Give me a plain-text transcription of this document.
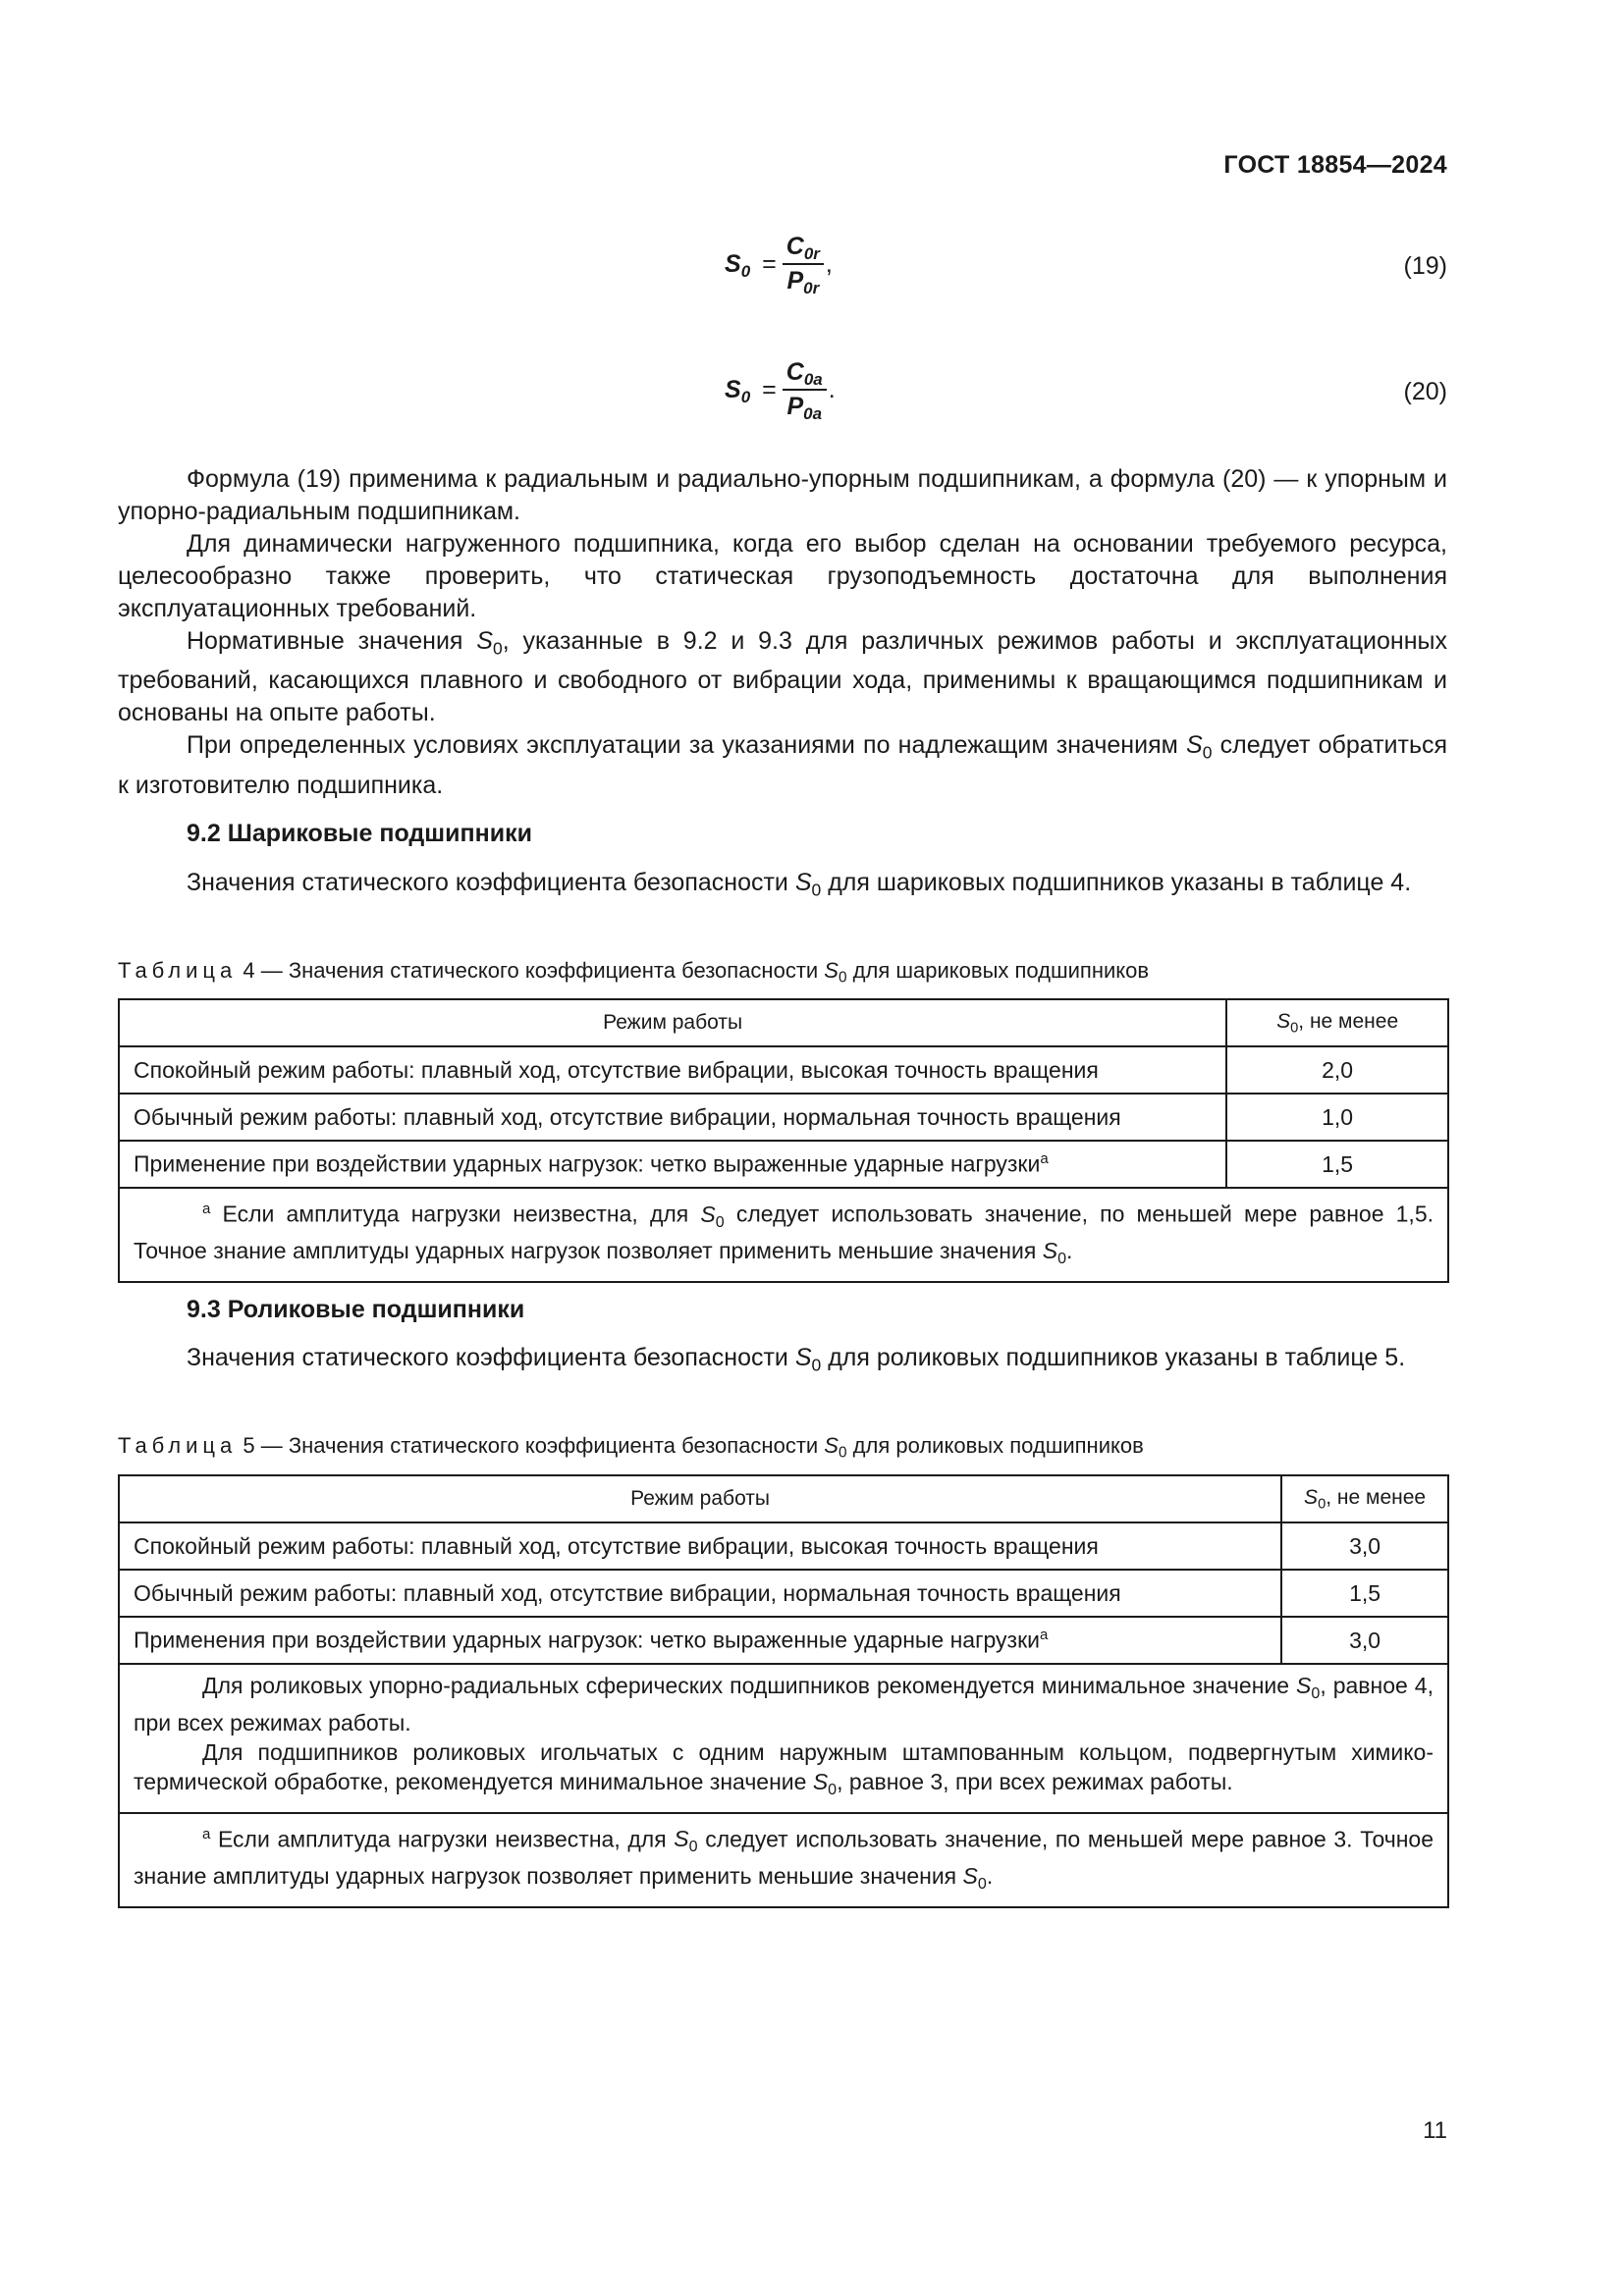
ГОСТ 18854—2024
$S_0 = \frac{C_{0r}}{P_{0r}}$ ,	(19)
$S_0 = \frac{C_{0a}}{P_{0a}}$ .	(20)

Формула (19) применима к радиальным и радиально-упорным подшипникам, а формула (20) — к упорным и упорно-радиальным подшипникам.

Для динамически нагруженного подшипника, когда его выбор сделан на основании требуемого ресурса, целесообразно также проверить, что статическая грузоподъемность достаточна для выполнения эксплуатационных требований.

Нормативные значения $S_0$, указанные в 9.2 и 9.3 для различных режимов работы и эксплуатационных требований, касающихся плавного и свободного от вибрации хода, применимы к вращающимся подшипникам и основаны на опыте работы.

При определенных условиях эксплуатации за указаниями по надлежащим значениям $S_0$ следует обратиться к изготовителю подшипника.

9.2 Шариковые подшипники

Значения статического коэффициента безопасности $S_0$ для шариковых подшипников указаны в таблице 4.

Таблица 4 — Значения статического коэффициента безопасности $S_0$ для шариковых подшипников
Режим работы	$S_0$, не менее
Спокойный режим работы: плавный ход, отсутствие вибрации, высокая точность вращения	2,0
Обычный режим работы: плавный ход, отсутствие вибрации, нормальная точность вращения	1,0
Применение при воздействии ударных нагрузок: четко выраженные ударные нагрузки$^а$	1,5

$^а$ Если амплитуда нагрузки неизвестна, для $S_0$ следует использовать значение, по меньшей мере равное 1,5. Точное знание амплитуды ударных нагрузок позволяет применить меньшие значения $S_0$.	

9.3 Роликовые подшипники

Значения статического коэффициента безопасности $S_0$ для роликовых подшипников указаны в таблице 5.

Таблица 5 — Значения статического коэффициента безопасности $S_0$ для роликовых подшипников
Режим работы	$S_0$, не менее
Спокойный режим работы: плавный ход, отсутствие вибрации, высокая точность вращения	3,0
Обычный режим работы: плавный ход, отсутствие вибрации, нормальная точность вращения	1,5
Применения при воздействии ударных нагрузок: четко выраженные ударные нагрузки$^а$	3,0

Для роликовых упорно-радиальных сферических подшипников рекомендуется минимальное значение $S_0$, равное 4, при всех режимах работы.

Для подшипников роликовых игольчатых с одним наружным штампованным кольцом, подвергнутым химико-термической обработке, рекомендуется минимальное значение $S_0$, равное 3, при всех режимах работы.	

$^а$ Если амплитуда нагрузки неизвестна, для $S_0$ следует использовать значение, по меньшей мере равное 3. Точное знание амплитуды ударных нагрузок позволяет применить меньшие значения $S_0$.	

11
